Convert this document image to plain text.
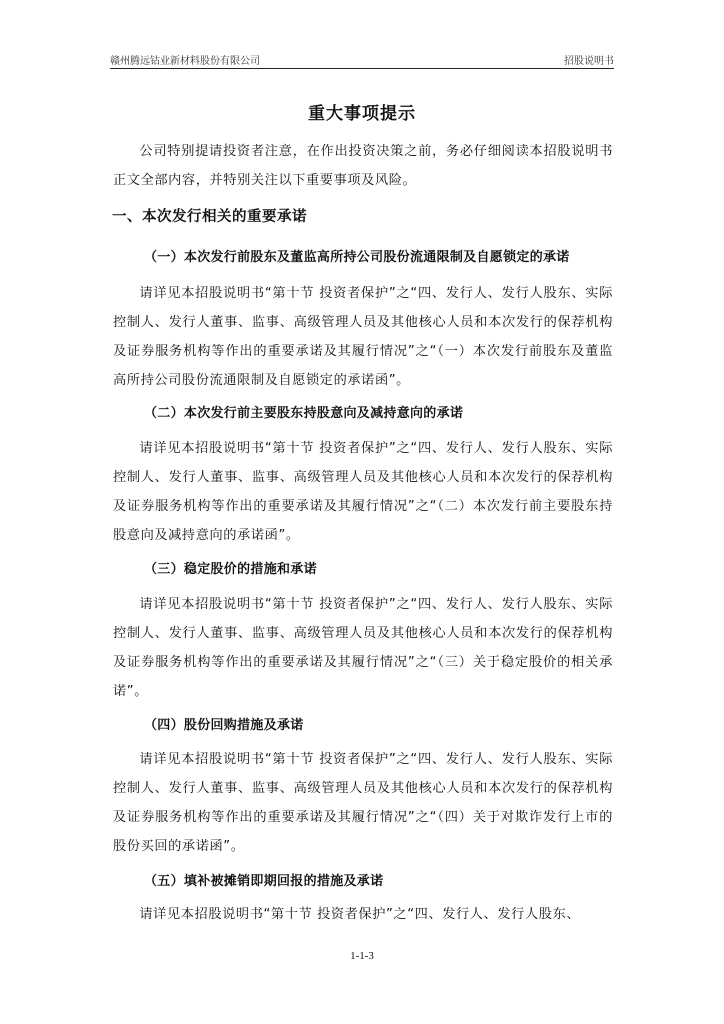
赣州腾远钴业新材料股份有限公司	招股说明书
重大事项提示
公司特别提请投资者注意，在作出投资决策之前，务必仔细阅读本招股说明书正文全部内容，并特别关注以下重要事项及风险。
一、本次发行相关的重要承诺
（一）本次发行前股东及董监高所持公司股份流通限制及自愿锁定的承诺
请详见本招股说明书“第十节 投资者保护”之“四、发行人、发行人股东、实际控制人、发行人董事、监事、高级管理人员及其他核心人员和本次发行的保荐机构及证券服务机构等作出的重要承诺及其履行情况”之“（一）本次发行前股东及董监高所持公司股份流通限制及自愿锁定的承诺函”。
（二）本次发行前主要股东持股意向及减持意向的承诺
请详见本招股说明书“第十节 投资者保护”之“四、发行人、发行人股东、实际控制人、发行人董事、监事、高级管理人员及其他核心人员和本次发行的保荐机构及证券服务机构等作出的重要承诺及其履行情况”之“（二）本次发行前主要股东持股意向及减持意向的承诺函”。
（三）稳定股价的措施和承诺
请详见本招股说明书“第十节 投资者保护”之“四、发行人、发行人股东、实际控制人、发行人董事、监事、高级管理人员及其他核心人员和本次发行的保荐机构及证券服务机构等作出的重要承诺及其履行情况”之“（三）关于稳定股价的相关承诺”。
（四）股份回购措施及承诺
请详见本招股说明书“第十节 投资者保护”之“四、发行人、发行人股东、实际控制人、发行人董事、监事、高级管理人员及其他核心人员和本次发行的保荐机构及证券服务机构等作出的重要承诺及其履行情况”之“（四）关于对欺诈发行上市的股份买回的承诺函”。
（五）填补被摊销即期回报的措施及承诺
请详见本招股说明书“第十节 投资者保护”之“四、发行人、发行人股东、
1-1-3
